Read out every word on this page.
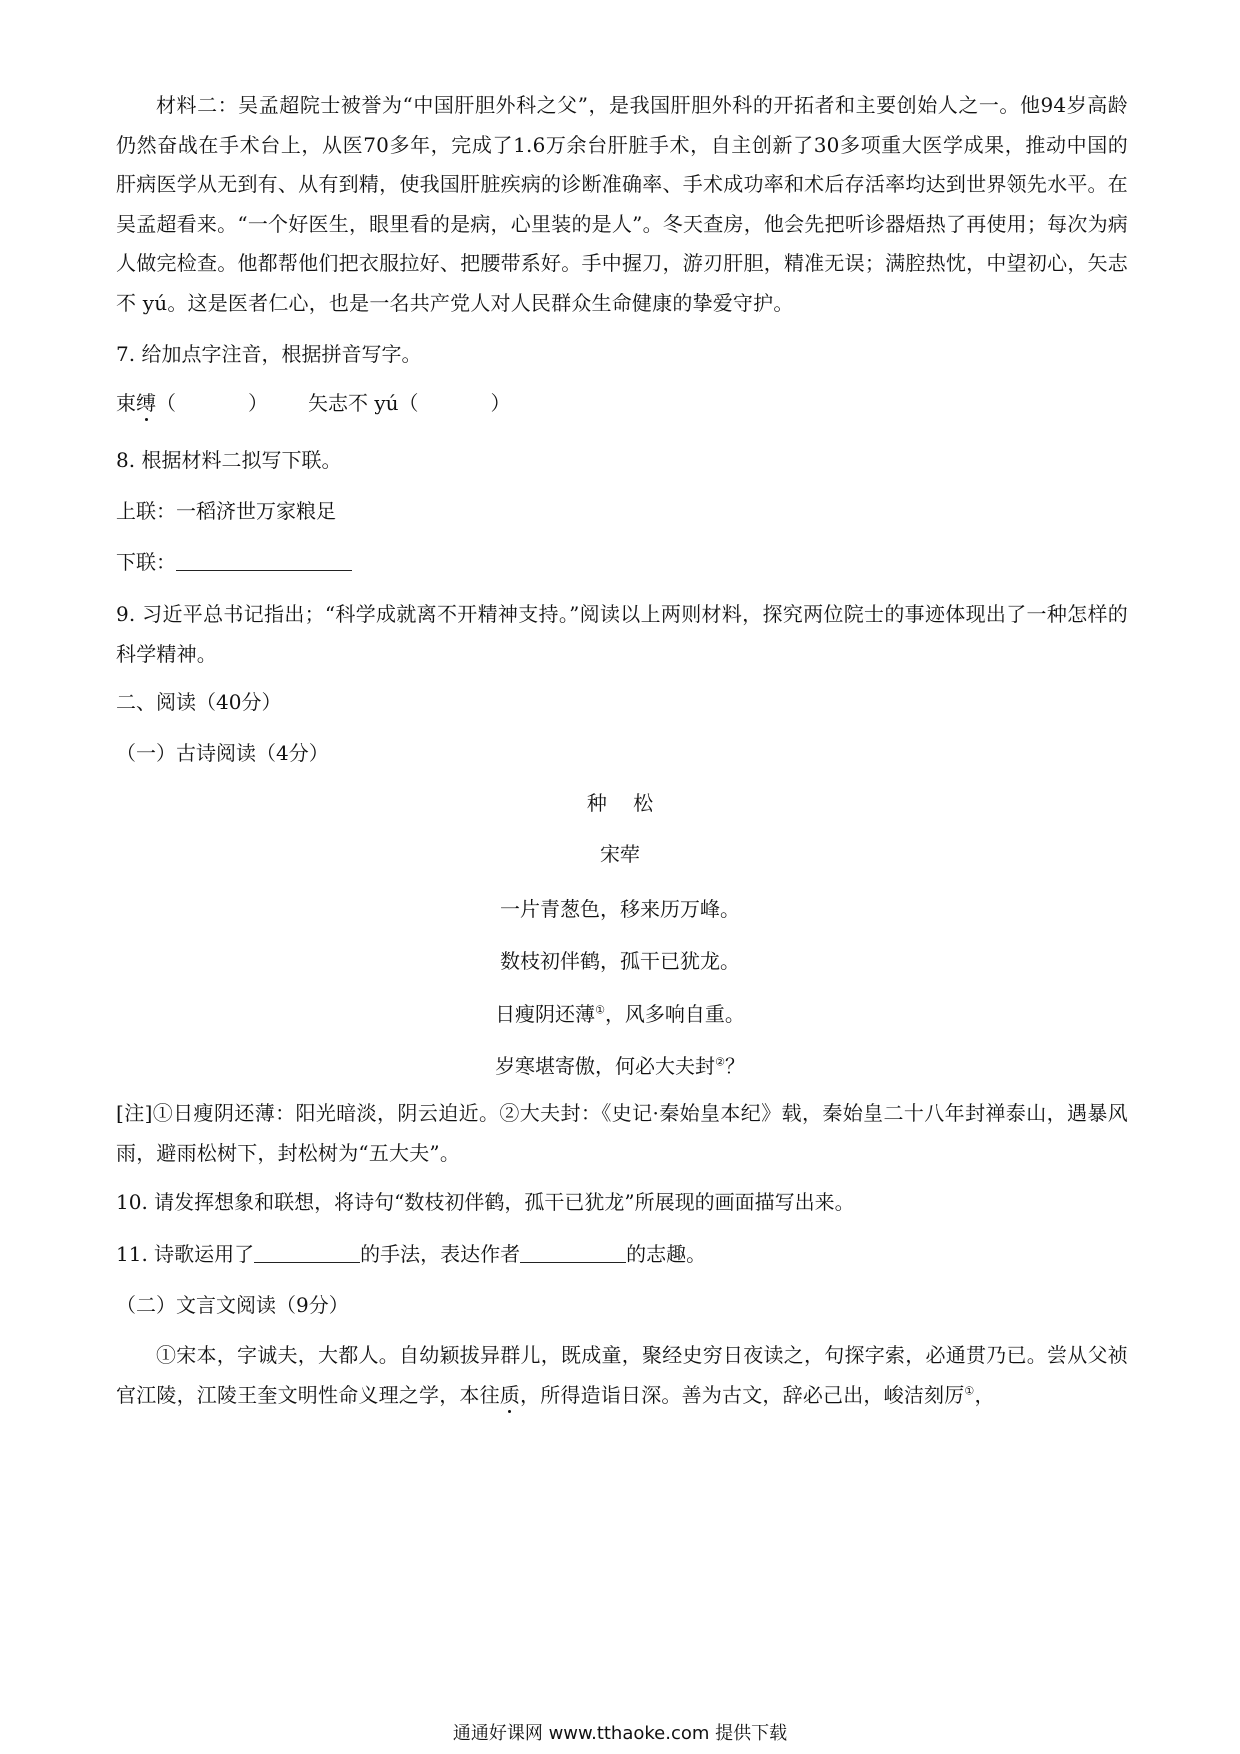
材料二：吴孟超院士被誉为“中国肝胆外科之父”，是我国肝胆外科的开拓者和主要创始人之一。他94岁高龄仍然奋战在手术台上，从医70多年，完成了1.6万余台肝脏手术，自主创新了30多项重大医学成果，推动中国的肝病医学从无到有、从有到精，使我国肝脏疾病的诊断准确率、手术成功率和术后存活率均达到世界领先水平。在吴孟超看来。“一个好医生，眼里看的是病，心里装的是人”。冬天查房，他会先把听诊器焐热了再使用；每次为病人做完检查。他都帮他们把衣服拉好、把腰带系好。手中握刀，游刃肝胆，精准无误；满腔热忱，中望初心，矢志不 yú。这是医者仁心，也是一名共产党人对人民群众生命健康的挚爱守护。
7. 给加点字注音，根据拼音写字。
束缚（	） 矢志不 yú（	）
8. 根据材料二拟写下联。
上联：一稻济世万家粮足
下联：
9. 习近平总书记指出；“科学成就离不开精神支持。”阅读以上两则材料，探究两位院士的事迹体现出了一种怎样的科学精神。
二、阅读（40分）
（一）古诗阅读（4分）
种　 松
宋荦
一片青葱色，移来历万峰。
数枝初伴鹤，孤干已犹龙。
日瘦阴还薄①，风多响自重。
岁寒堪寄傲，何必大夫封②？
[注]①日瘦阴还薄：阳光暗淡，阴云迫近。②大夫封：《史记·秦始皇本纪》载，秦始皇二十八年封禅泰山，遇暴风雨，避雨松树下，封松树为“五大夫”。
10. 请发挥想象和联想，将诗句“数枝初伴鹤，孤干已犹龙”所展现的画面描写出来。
11. 诗歌运用了	的手法，表达作者	的志趣。
（二）文言文阅读（9分）
①宋本，字诚夫，大都人。自幼颖拔异群儿，既成童，聚经史穷日夜读之，句探字索，必通贯乃已。尝从父祯官江陵，江陵王奎文明性命义理之学，本往质，所得造诣日深。善为古文，辞必己出，峻洁刻厉①，
通通好课网 www.tthaoke.com 提供下载
